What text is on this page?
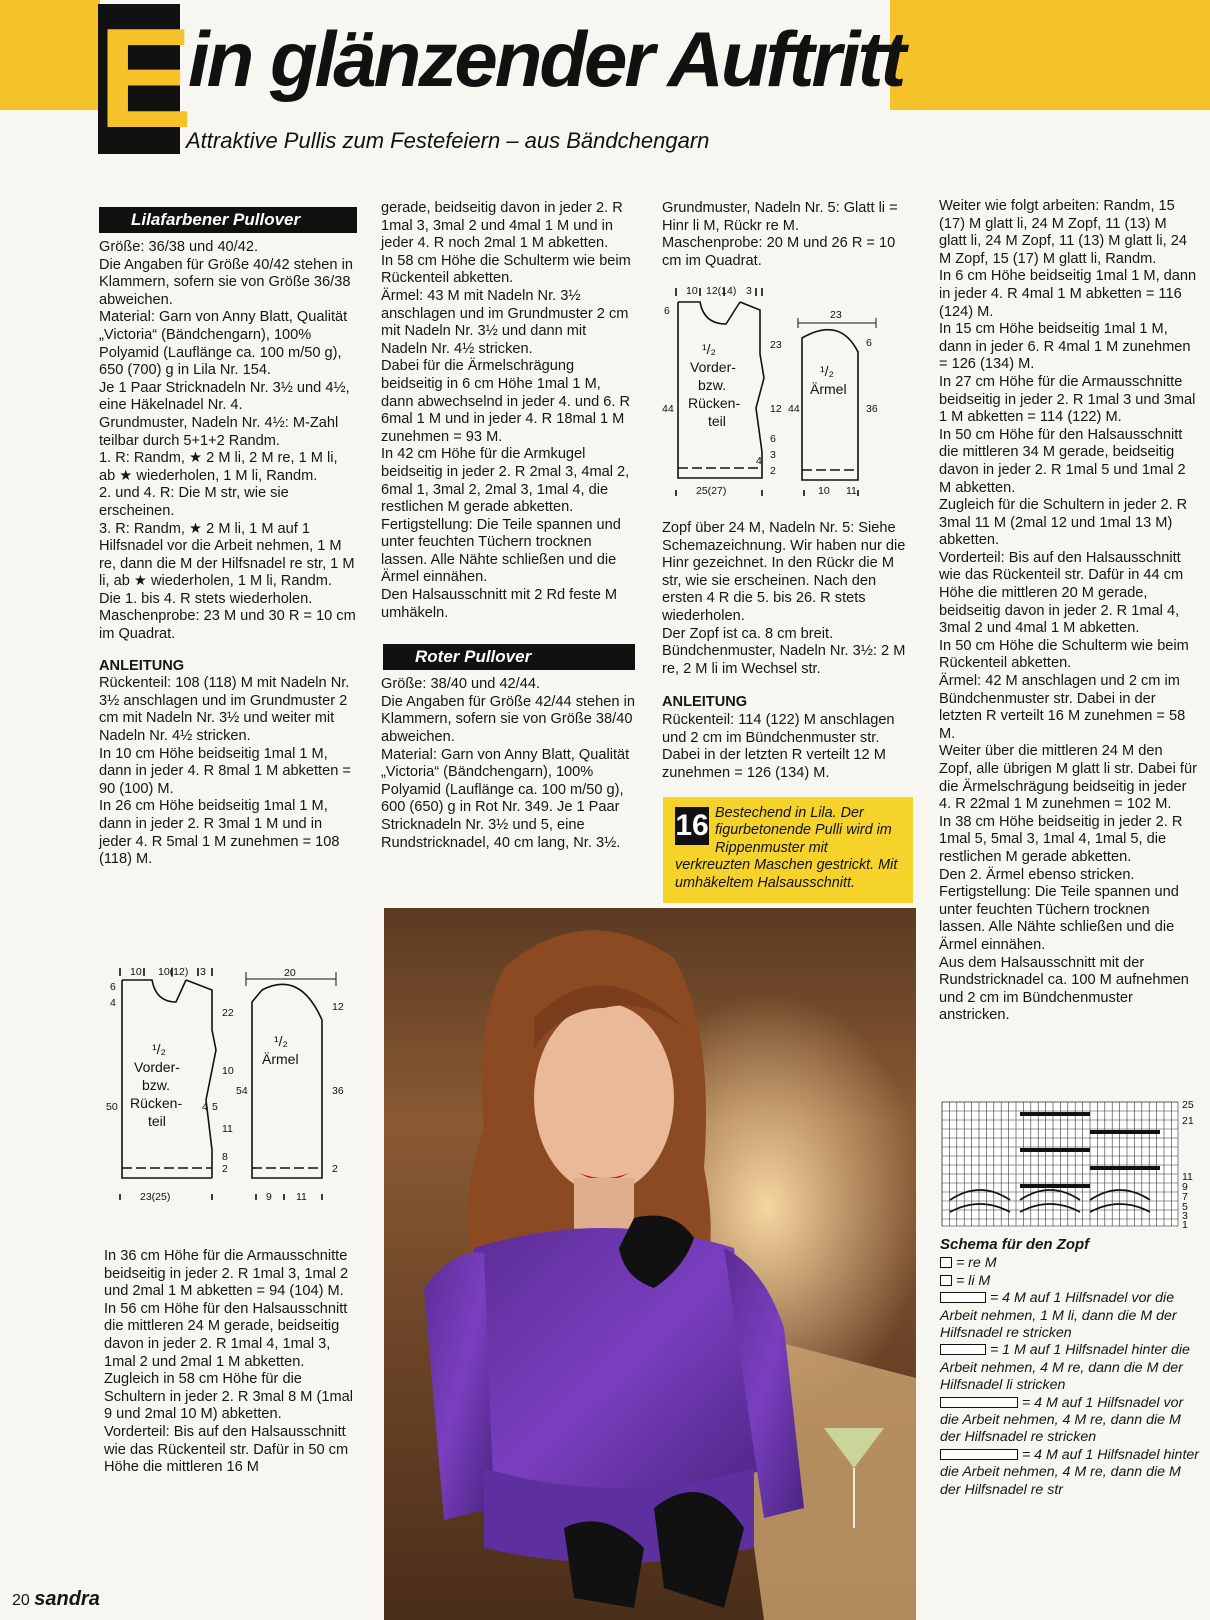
E
in glänzender Auftritt
Attraktive Pullis zum Festefeiern – aus Bändchengarn
Lilafarbener Pullover

Größe: 36/38 und 40/42.

Die Angaben für Größe 40/42 stehen in Klammern, sofern sie von Größe 36/38 abweichen.

Material: Garn von Anny Blatt, Qualität „Victoria“ (Bändchengarn), 100% Polyamid (Lauflänge ca. 100 m/50 g), 650 (700) g in Lila Nr. 154.

Je 1 Paar Stricknadeln Nr. 3½ und 4½, eine Häkelnadel Nr. 4.

Grundmuster, Nadeln Nr. 4½: M-Zahl teilbar durch 5+1+2 Randm.

1. R: Randm, ★ 2 M li, 2 M re, 1 M li, ab ★ wiederholen, 1 M li, Randm.

2. und 4. R: Die M str, wie sie erscheinen.

3. R: Randm, ★ 2 M li, 1 M auf 1 Hilfsnadel vor die Arbeit nehmen, 1 M re, dann die M der Hilfsnadel re str, 1 M li, ab ★ wiederholen, 1 M li, Randm.

Die 1. bis 4. R stets wiederholen.

Maschenprobe: 23 M und 30 R = 10 cm im Quadrat.

ANLEITUNG

Rückenteil: 108 (118) M mit Nadeln Nr. 3½ anschlagen und im Grundmuster 2 cm mit Nadeln Nr. 3½ und weiter mit Nadeln Nr. 4½ stricken.

In 10 cm Höhe beidseitig 1mal 1 M, dann in jeder 4. R 8mal 1 M abketten = 90 (100) M.

In 26 cm Höhe beidseitig 1mal 1 M, dann in jeder 2. R 3mal 1 M und in jeder 4. R 5mal 1 M zunehmen = 108 (118) M.

10 10(12) 3
¹/₂
Vorder-
bzw.
Rücken-
teil
¹/₂
Ärmel
50
6
4
22
10
11
8
4 5
2
23(25)
20
12
54	36
2
9 11

In 36 cm Höhe für die Armausschnitte beidseitig in jeder 2. R 1mal 3, 1mal 2 und 2mal 1 M abketten = 94 (104) M.

In 56 cm Höhe für den Halsausschnitt die mittleren 24 M gerade, beidseitig davon in jeder 2. R 1mal 4, 1mal 3, 1mal 2 und 2mal 1 M abketten.

Zugleich in 58 cm Höhe für die Schultern in jeder 2. R 3mal 8 M (1mal 9 und 2mal 10 M) abketten.

Vorderteil: Bis auf den Halsausschnitt wie das Rückenteil str. Dafür in 50 cm Höhe die mittleren 16 M

gerade, beidseitig davon in jeder 2. R 1mal 3, 3mal 2 und 4mal 1 M und in jeder 4. R noch 2mal 1 M abketten.

In 58 cm Höhe die Schulterm wie beim Rückenteil abketten.

Ärmel: 43 M mit Nadeln Nr. 3½ anschlagen und im Grundmuster 2 cm mit Nadeln Nr. 3½ und dann mit Nadeln Nr. 4½ stricken.

Dabei für die Ärmelschrägung beidseitig in 6 cm Höhe 1mal 1 M, dann abwechselnd in jeder 4. und 6. R 6mal 1 M und in jeder 4. R 18mal 1 M zunehmen = 93 M.

In 42 cm Höhe für die Armkugel beidseitig in jeder 2. R 2mal 3, 4mal 2, 6mal 1, 3mal 2, 2mal 3, 1mal 4, die restlichen M gerade abketten.

Fertigstellung: Die Teile spannen und unter feuchten Tüchern trocknen lassen. Alle Nähte schließen und die Ärmel einnähen.

Den Halsausschnitt mit 2 Rd feste M umhäkeln.

Roter Pullover

Größe: 38/40 und 42/44.

Die Angaben für Größe 42/44 stehen in Klammern, sofern sie von Größe 38/40 abweichen.

Material: Garn von Anny Blatt, Qualität „Victoria“ (Bändchengarn), 100% Polyamid (Lauflänge ca. 100 m/50 g), 600 (650) g in Rot Nr. 349. Je 1 Paar Stricknadeln Nr. 3½ und 5, eine Rundstricknadel, 40 cm lang, Nr. 3½.

Grundmuster, Nadeln Nr. 5: Glatt li = Hinr li M, Rückr re M.

Maschenprobe: 20 M und 26 R = 10 cm im Quadrat.

10 12(14) 3
¹/₂
Vorder-
bzw.
Rücken-
teil
¹/₂
Ärmel
44
6
23
12
6
3
4
2
25(27)
23
44	36
6
10 11

Zopf über 24 M, Nadeln Nr. 5: Siehe Schemazeichnung. Wir haben nur die Hinr gezeichnet. In den Rückr die M str, wie sie erscheinen. Nach den ersten 4 R die 5. bis 26. R stets wiederholen.

Der Zopf ist ca. 8 cm breit.

Bündchenmuster, Nadeln Nr. 3½: 2 M re, 2 M li im Wechsel str.

ANLEITUNG

Rückenteil: 114 (122) M anschlagen und 2 cm im Bündchenmuster str. Dabei in der letzten R verteilt 12 M zunehmen = 126 (134) M.

16 Bestechend in Lila. Der figurbetonende Pulli wird im Rippenmuster mit verkreuzten Maschen gestrickt. Mit umhäkeltem Halsausschnitt.

Weiter wie folgt arbeiten: Randm, 15 (17) M glatt li, 24 M Zopf, 11 (13) M glatt li, 24 M Zopf, 11 (13) M glatt li, 24 M Zopf, 15 (17) M glatt li, Randm.

In 6 cm Höhe beidseitig 1mal 1 M, dann in jeder 4. R 4mal 1 M abketten = 116 (124) M.

In 15 cm Höhe beidseitig 1mal 1 M, dann in jeder 6. R 4mal 1 M zunehmen = 126 (134) M.

In 27 cm Höhe für die Armausschnitte beidseitig in jeder 2. R 1mal 3 und 3mal 1 M abketten = 114 (122) M.

In 50 cm Höhe für den Halsausschnitt die mittleren 34 M gerade, beidseitig davon in jeder 2. R 1mal 5 und 1mal 2 M abketten.

Zugleich für die Schultern in jeder 2. R 3mal 11 M (2mal 12 und 1mal 13 M) abketten.

Vorderteil: Bis auf den Halsausschnitt wie das Rückenteil str. Dafür in 44 cm Höhe die mittleren 20 M gerade, beidseitig davon in jeder 2. R 1mal 4, 3mal 2 und 4mal 1 M abketten.

In 50 cm Höhe die Schulterm wie beim Rückenteil abketten.

Ärmel: 42 M anschlagen und 2 cm im Bündchenmuster str. Dabei in der letzten R verteilt 16 M zunehmen = 58 M.

Weiter über die mittleren 24 M den Zopf, alle übrigen M glatt li str. Dabei für die Ärmelschrägung beidseitig in jeder 4. R 22mal 1 M zunehmen = 102 M.

In 38 cm Höhe beidseitig in jeder 2. R 1mal 5, 5mal 3, 1mal 4, 1mal 5, die restlichen M gerade abketten.

Den 2. Ärmel ebenso stricken.

Fertigstellung: Die Teile spannen und unter feuchten Tüchern trocknen lassen. Alle Nähte schließen und die Ärmel einnähen.

Aus dem Halsausschnitt mit der Rundstricknadel ca. 100 M aufnehmen und 2 cm im Bündchenmuster anstricken.

25
21
11
9
7
5
3
1

Schema für den Zopf

= re M

= li M

= 4 M auf 1 Hilfsnadel vor die Arbeit nehmen, 1 M li, dann die M der Hilfsnadel re stricken

= 1 M auf 1 Hilfsnadel hinter die Arbeit nehmen, 4 M re, dann die M der Hilfsnadel li stricken

= 4 M auf 1 Hilfsnadel vor die Arbeit nehmen, 4 M re, dann die M der Hilfsnadel re stricken

= 4 M auf 1 Hilfsnadel hinter die Arbeit nehmen, 4 M re, dann die M der Hilfsnadel re str

20 sandra
